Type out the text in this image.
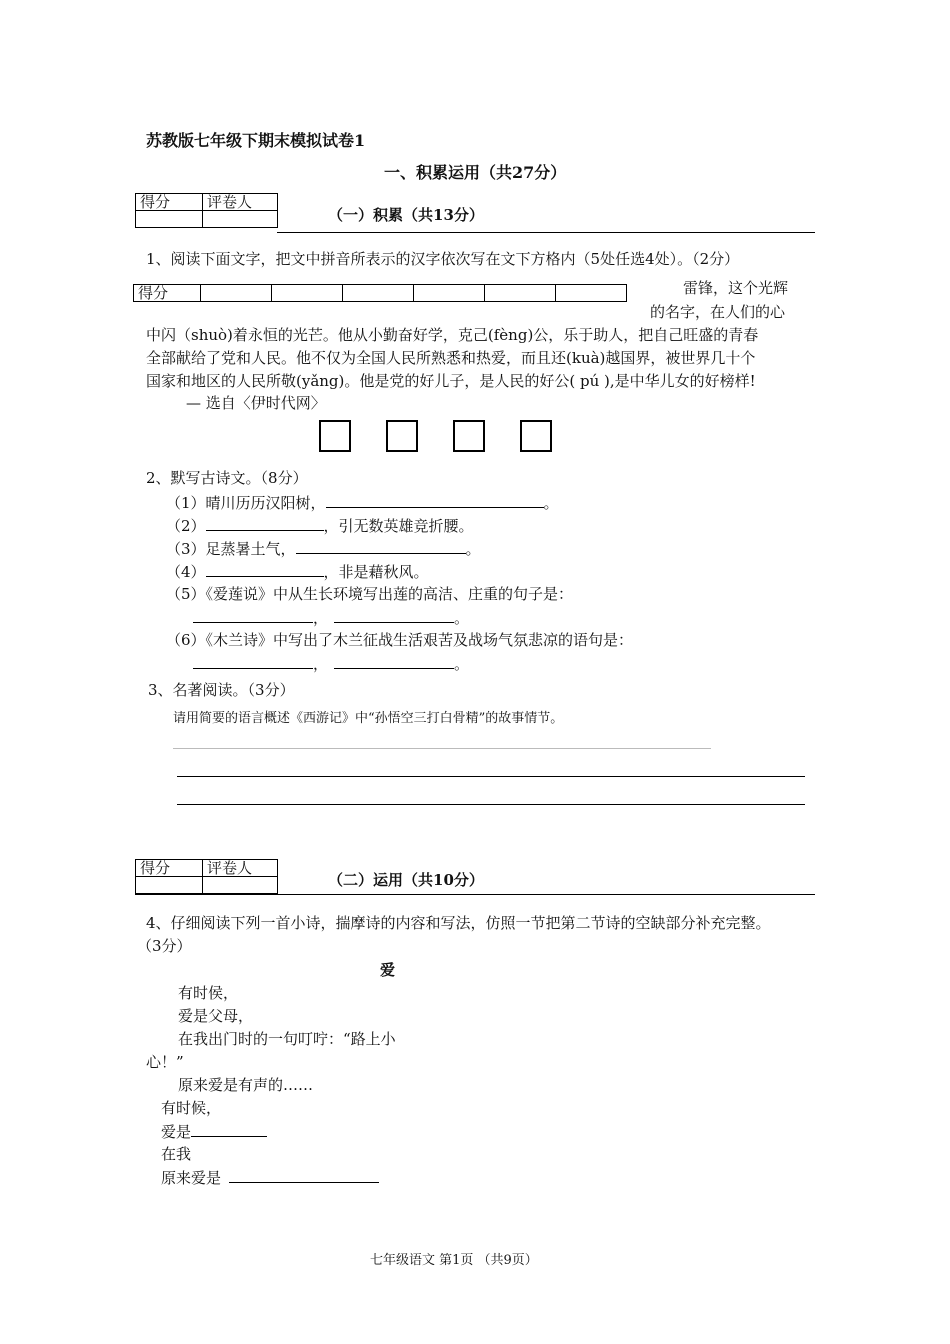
苏教版七年级下期末模拟试卷1
一、积累运用（共27分）
得分	评卷人

（一）积累（共13分）
1、阅读下面文字，把文中拼音所表示的汉字依次写在文下方格内（5处任选4处）。（2分）
得分							雷锋，这个光辉
的名字，在人们的心
中闪（shuò)着永恒的光芒。他从小勤奋好学，克己(fèng)公，乐于助人，把自己旺盛的青春
全部献给了党和人民。他不仅为全国人民所熟悉和热爱，而且还(kuà)越国界，被世界几十个
国家和地区的人民所敬(yǎng)。他是党的好儿子，是人民的好公( pú ),是中华儿女的好榜样!
— 选自〈伊时代网〉
2、默写古诗文。（8分）
（1）晴川历历汉阳树，	。
（2）	，引无数英雄竞折腰。
（3）足蒸暑土气，	。
（4）	，非是藉秋风。
（5）《爱莲说》中从生长环境写出莲的高洁、庄重的句子是：
，	。
（6）《木兰诗》中写出了木兰征战生活艰苦及战场气氛悲凉的语句是：
，	。
3、名著阅读。（3分）
请用简要的语言概述《西游记》中“孙悟空三打白骨精”的故事情节。
得分	评卷人

（二）运用（共10分）
4、仔细阅读下列一首小诗，揣摩诗的内容和写法，仿照一节把第二节诗的空缺部分补充完整。
（3分）
爱
有时侯，
爱是父母，
在我出门时的一句叮咛：“路上小
心！”
原来爱是有声的……
有时候，
爱是
在我
原来爱是
七年级语文 第1页 （共9页）
